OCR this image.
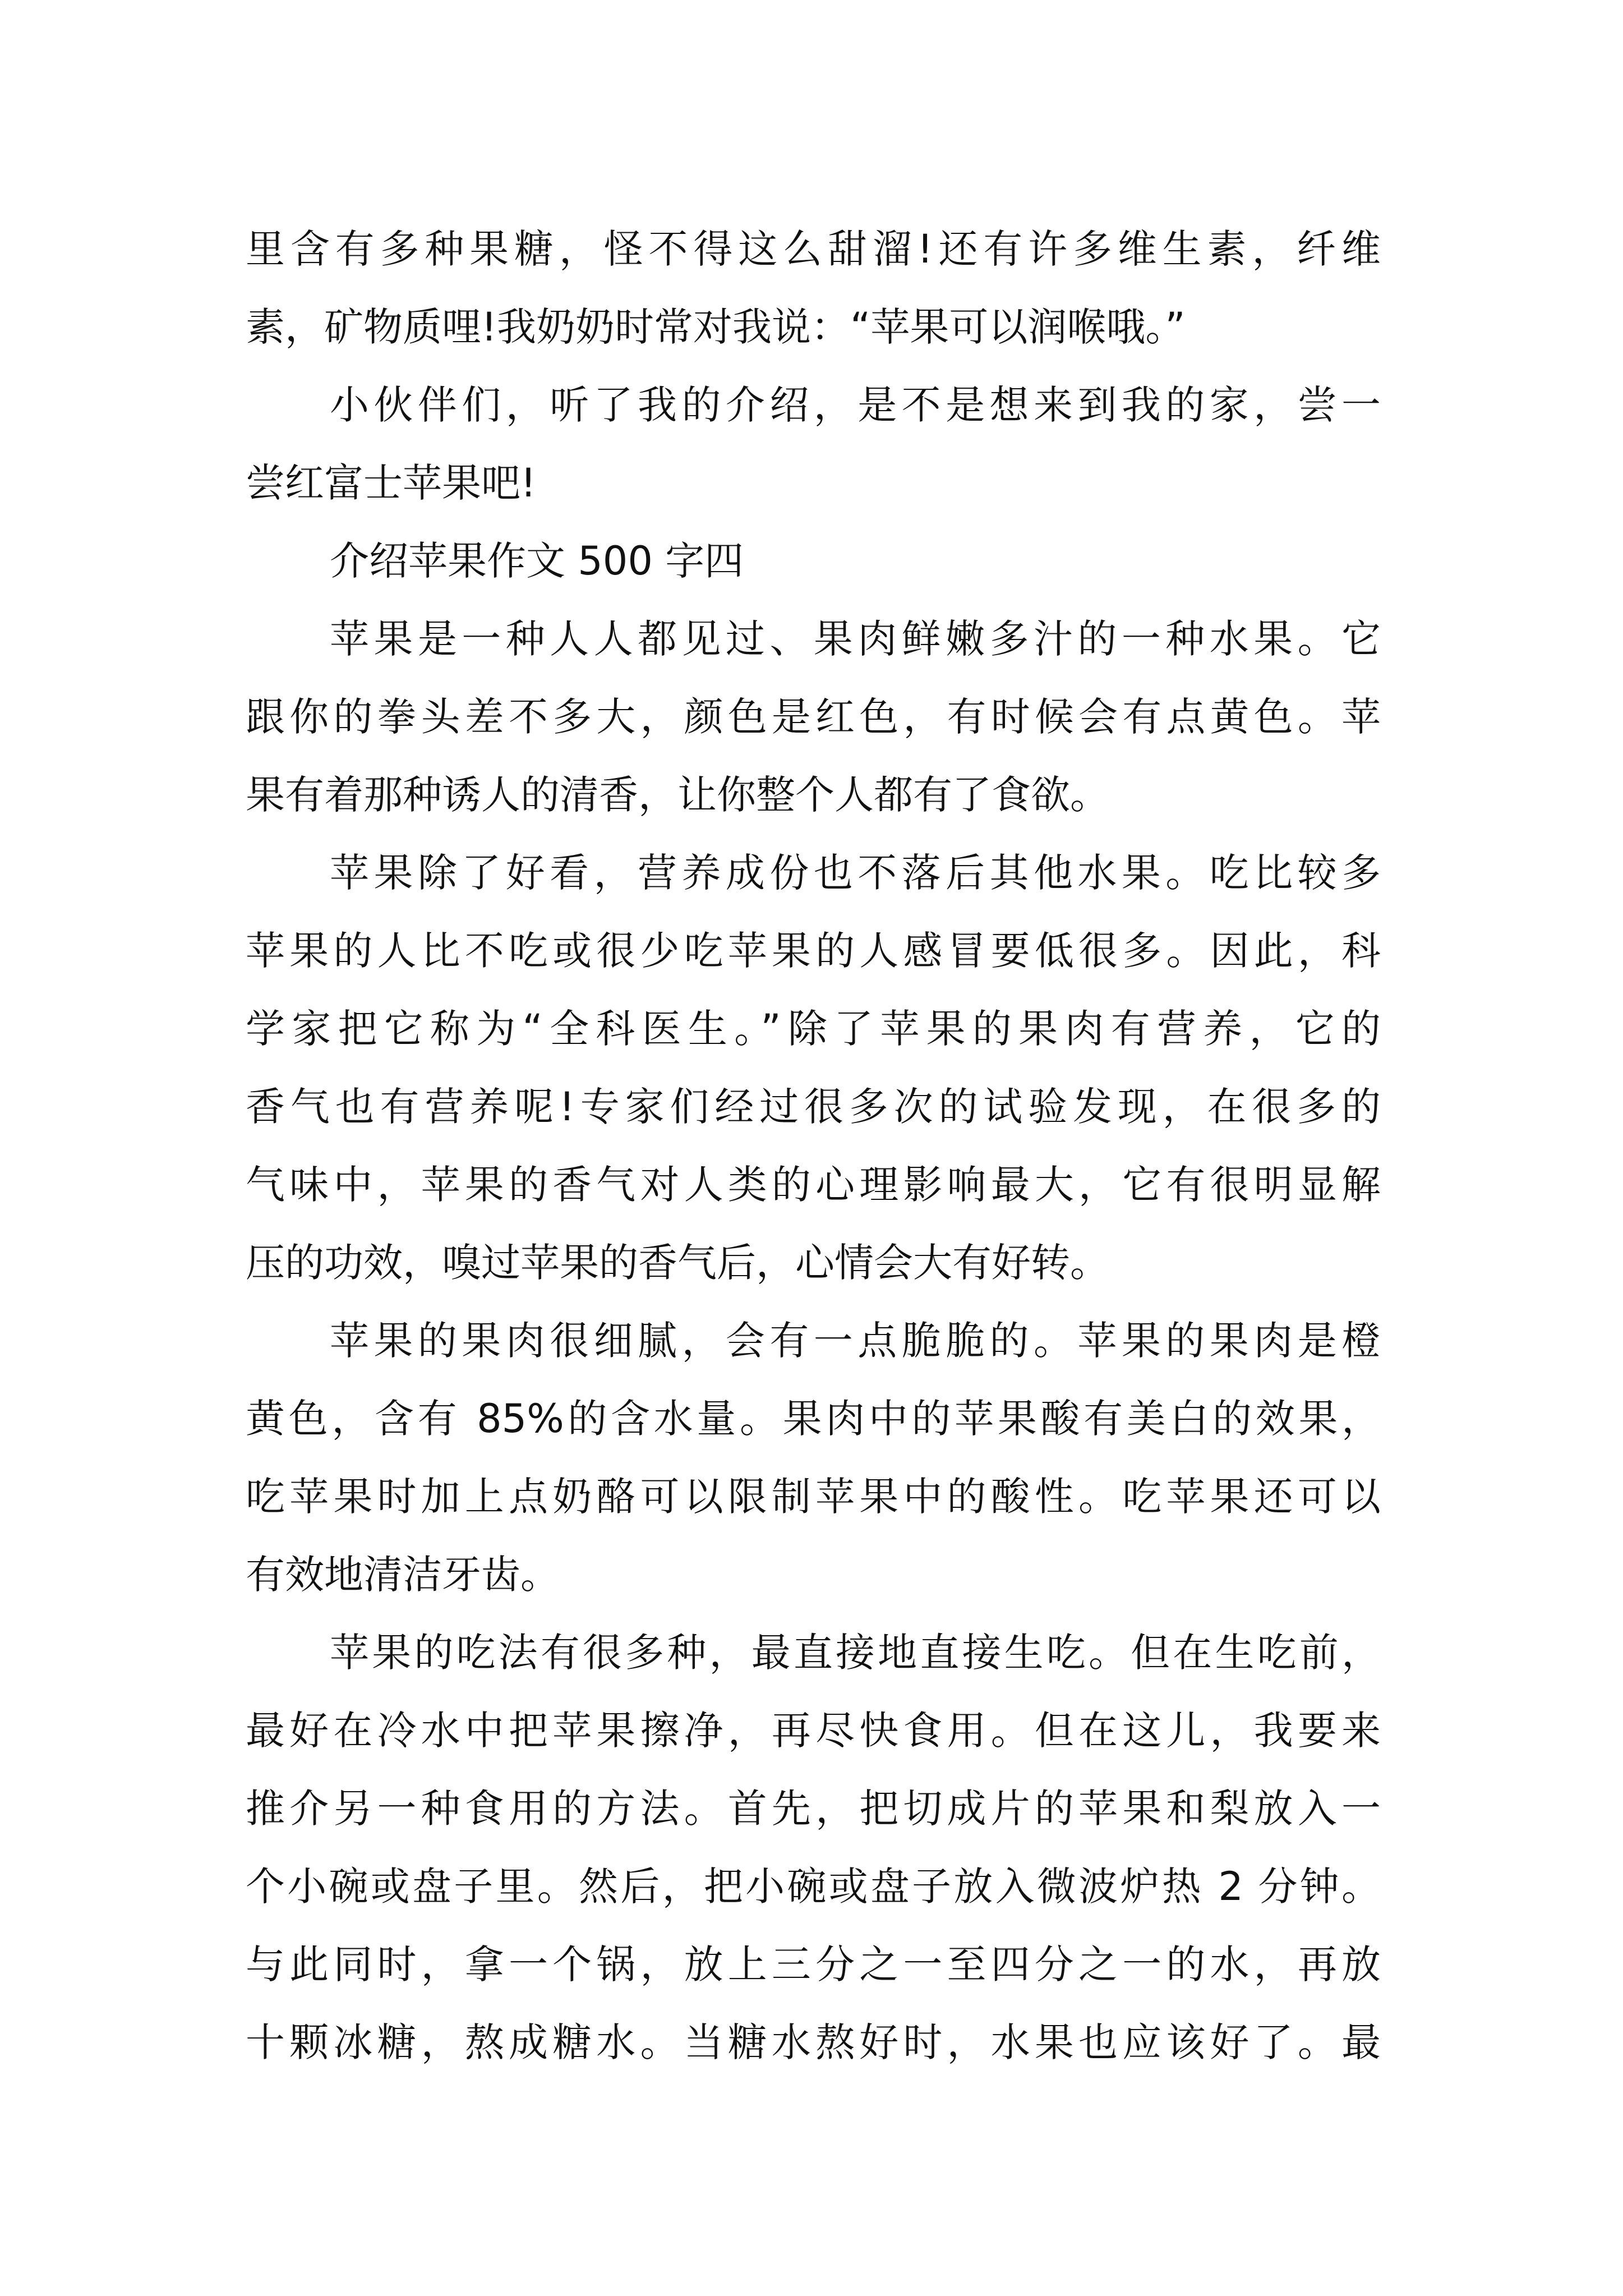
里含有多种果糖，怪不得这么甜溜!还有许多维生素，纤维
素，矿物质哩!我奶奶时常对我说：“苹果可以润喉哦。”
小伙伴们，听了我的介绍，是不是想来到我的家，尝一
尝红富士苹果吧!
介绍苹果作文 500 字四
苹果是一种人人都见过、果肉鲜嫩多汁的一种水果。它
跟你的拳头差不多大，颜色是红色，有时候会有点黄色。苹
果有着那种诱人的清香，让你整个人都有了食欲。
苹果除了好看，营养成份也不落后其他水果。吃比较多
苹果的人比不吃或很少吃苹果的人感冒要低很多。因此，科
学家把它称为“全科医生。”除了苹果的果肉有营养，它的
香气也有营养呢!专家们经过很多次的试验发现，在很多的
气味中，苹果的香气对人类的心理影响最大，它有很明显解
压的功效，嗅过苹果的香气后，心情会大有好转。
苹果的果肉很细腻，会有一点脆脆的。苹果的果肉是橙
黄色，含有 85%的含水量。果肉中的苹果酸有美白的效果，
吃苹果时加上点奶酪可以限制苹果中的酸性。吃苹果还可以
有效地清洁牙齿。
苹果的吃法有很多种，最直接地直接生吃。但在生吃前，
最好在冷水中把苹果擦净，再尽快食用。但在这儿，我要来
推介另一种食用的方法。首先，把切成片的苹果和梨放入一
个小碗或盘子里。然后，把小碗或盘子放入微波炉热 2 分钟。
与此同时，拿一个锅，放上三分之一至四分之一的水，再放
十颗冰糖，熬成糖水。当糖水熬好时，水果也应该好了。最
